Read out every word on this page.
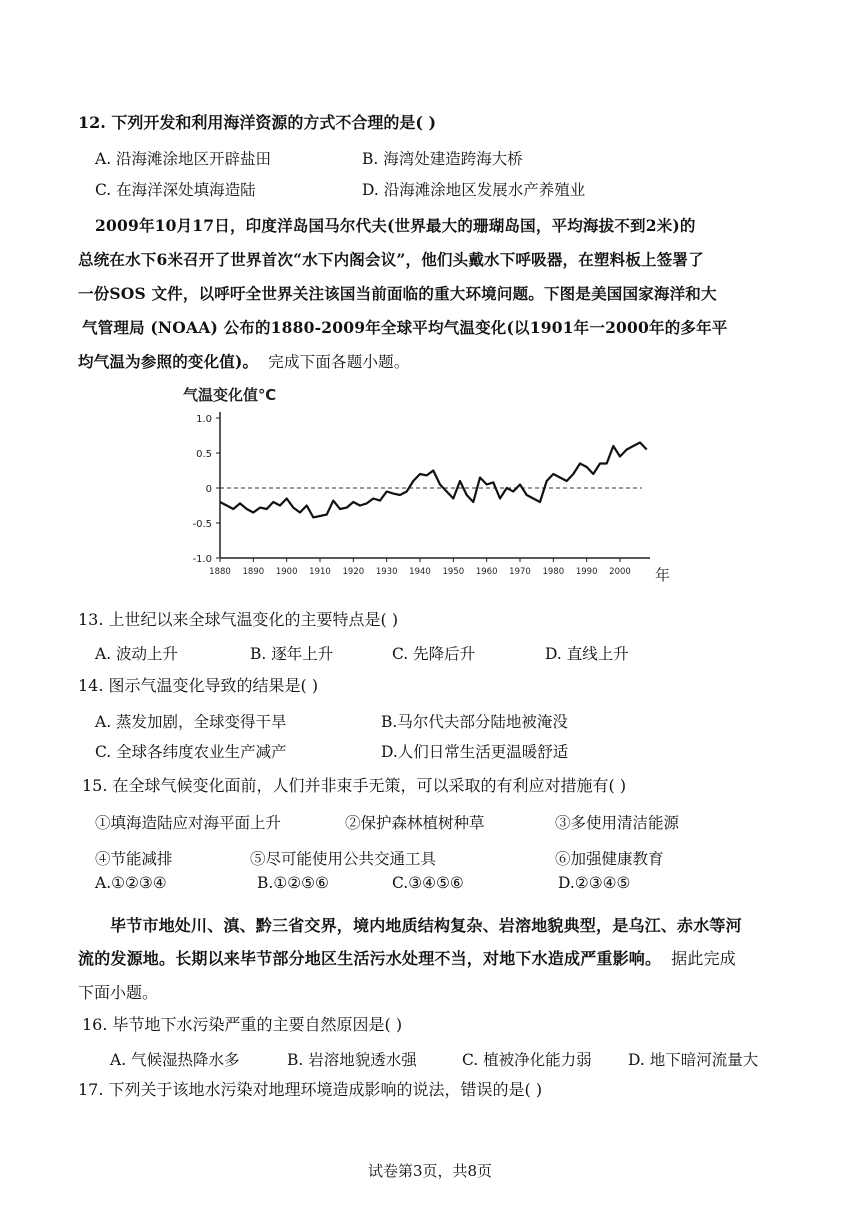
12. 下列开发和利用海洋资源的方式不合理的是( )
A. 沿海滩涂地区开辟盐田	B. 海湾处建造跨海大桥
C. 在海洋深处填海造陆	D. 沿海滩涂地区发展水产养殖业
2009年10月17日，印度洋岛国马尔代夫(世界最大的珊瑚岛国，平均海拔不到2米)的
总统在水下6米召开了世界首次“水下内阁会议”，他们头戴水下呼吸器，在塑料板上签署了
一份SOS 文件，以呼吁全世界关注该国当前面临的重大环境问题。下图是美国国家海洋和大
气管理局 (NOAA) 公布的1880-2009年全球平均气温变化(以1901年一2000年的多年平
均气温为参照的变化值)。 完成下面各题小题。
气温变化值℃
年
1.0
0.5
0
-0.5
-1.0
1880 1890 1900 1910 1920 1930 1940 1950 1960 1970 1980 1990 2000
13. 上世纪以来全球气温变化的主要特点是( )
A. 波动上升	B. 逐年上升	C. 先降后升	D. 直线上升
14. 图示气温变化导致的结果是( )
A. 蒸发加剧，全球变得干旱	B.马尔代夫部分陆地被淹没
C. 全球各纬度农业生产减产	D.人们日常生活更温暖舒适
15. 在全球气候变化面前，人们并非束手无策，可以采取的有利应对措施有( )
①填海造陆应对海平面上升	②保护森林植树种草	③多使用清洁能源
④节能减排	⑤尽可能使用公共交通工具	⑥加强健康教育
A.①②③④	B.①②⑤⑥	C.③④⑤⑥	D.②③④⑤
毕节市地处川、滇、黔三省交界，境内地质结构复杂、岩溶地貌典型，是乌江、赤水等河
流的发源地。长期以来毕节部分地区生活污水处理不当，对地下水造成严重影响。 据此完成
下面小题。
16. 毕节地下水污染严重的主要自然原因是( )
A. 气候湿热降水多	B. 岩溶地貌透水强	C. 植被净化能力弱 D. 地下暗河流量大
17. 下列关于该地水污染对地理环境造成影响的说法，错误的是( )
试卷第3页，共8页
